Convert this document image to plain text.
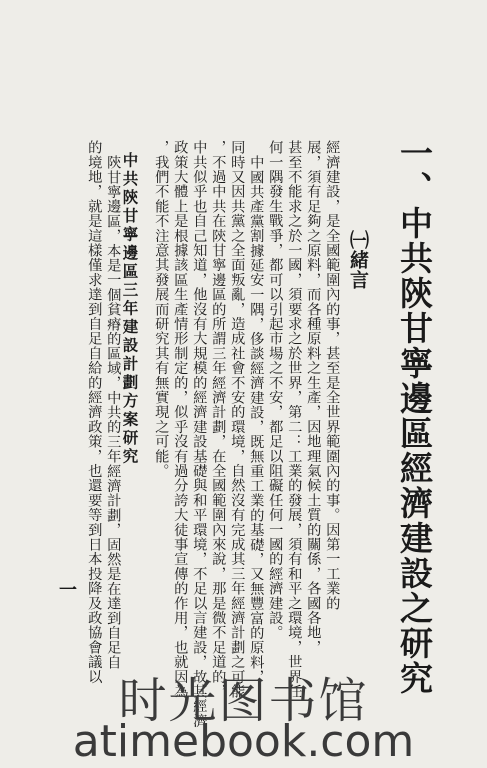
一、中共陝甘寧邊區經濟建設之研究
㈠緒言
經濟建設，是全國範圍內的事，甚至是全世界範圍內的事。因第一工業的
展，須有足夠之原料，而各種原料之生產，因地理氣候土質的關係，各國各地，
甚至不能求之於一國，須要求之於世界，第二：工業的發展，須有和平之環境，世界任
何一隅發生戰爭，都可以引起市場之不安，都足以阻礙任何一國的經濟建設。
中國共產黨割據延安一隅，侈談經濟建設，既無重工業的基礎，又無豐富的原料，
同時又因共黨之全面叛亂，造成社會不安的環境，自然沒有完成其三年經濟計劃之可能
，不過中共在陝甘寧邊區的所謂三年經濟計劃，在全國範圍內來說，那是微不足道的，
中共似乎也自己知道，他沒有大規模的經濟建設基礎與和平環境，不足以言建設，故其經濟
政策大體上是根據該區生產情形制定的，似乎沒有過分誇大徒事宣傳的作用，也就因為
，我們不能不注意其發展而研究其有無實現之可能。
陝甘寧邊區，本是一個貧瘠的區域，中共的三年經濟計劃，固然是在達到自足自
的境地，就是這樣僅求達到自足自給的經濟政策，也還要等到日本投降及政協會議以 中共陝甘寧邊區三年建設計劃方案研究
一
时光图书馆
atimebook.com
